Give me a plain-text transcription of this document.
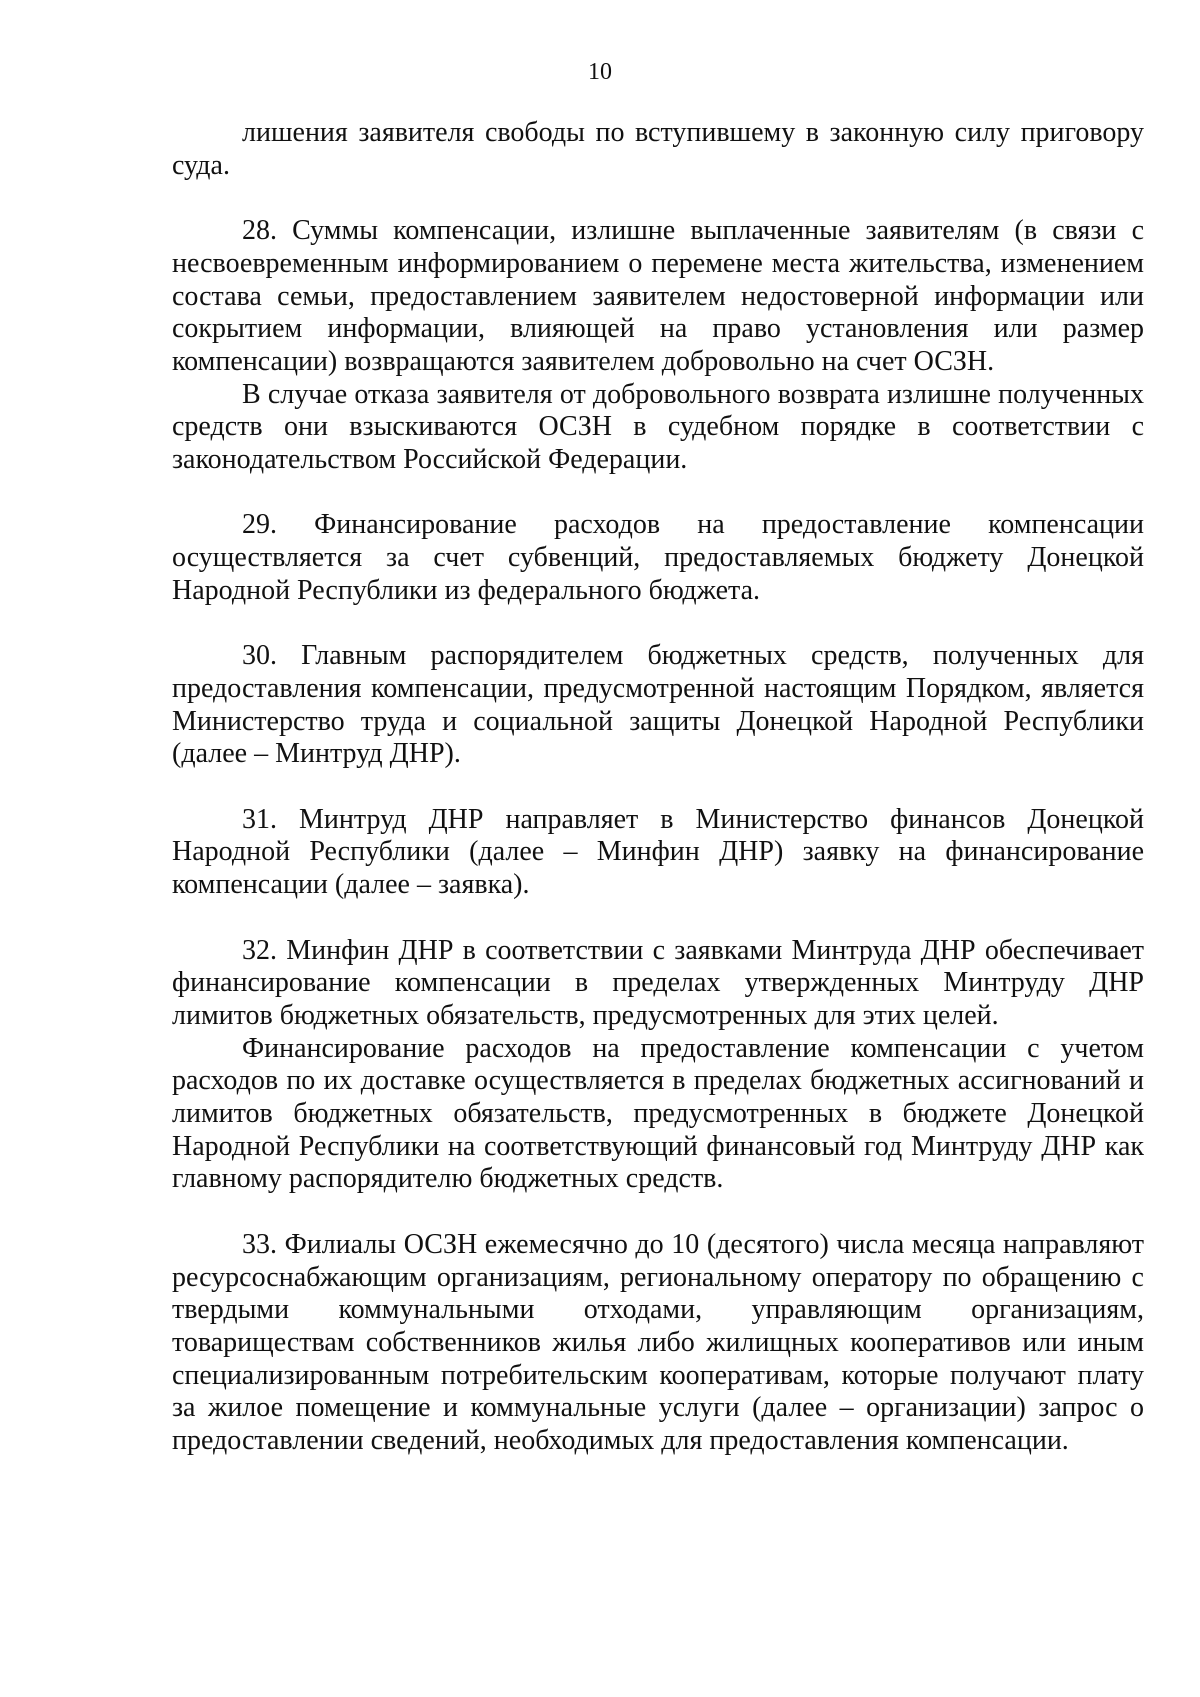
10

лишения заявителя свободы по вступившему в законную силу приговору суда.

28. Суммы компенсации, излишне выплаченные заявителям (в связи с несвоевременным информированием о перемене места жительства, изменением состава семьи, предоставлением заявителем недостоверной информации или сокрытием информации, влияющей на право установления или размер компенсации) возвращаются заявителем добровольно на счет ОСЗН.

В случае отказа заявителя от добровольного возврата излишне полученных средств они взыскиваются ОСЗН в судебном порядке в соответствии с законодательством Российской Федерации.

29. Финансирование расходов на предоставление компенсации осуществляется за счет субвенций, предоставляемых бюджету Донецкой Народной Республики из федерального бюджета.

30. Главным распорядителем бюджетных средств, полученных для предоставления компенсации, предусмотренной настоящим Порядком, является Министерство труда и социальной защиты Донецкой Народной Республики (далее – Минтруд ДНР).

31. Минтруд ДНР направляет в Министерство финансов Донецкой Народной Республики (далее – Минфин ДНР) заявку на финансирование компенсации (далее – заявка).

32. Минфин ДНР в соответствии с заявками Минтруда ДНР обеспечивает финансирование компенсации в пределах утвержденных Минтруду ДНР лимитов бюджетных обязательств, предусмотренных для этих целей.

Финансирование расходов на предоставление компенсации с учетом расходов по их доставке осуществляется в пределах бюджетных ассигнований и лимитов бюджетных обязательств, предусмотренных в бюджете Донецкой Народной Республики на соответствующий финансовый год Минтруду ДНР как главному распорядителю бюджетных средств.

33. Филиалы ОСЗН ежемесячно до 10 (десятого) числа месяца направляют ресурсоснабжающим организациям, региональному оператору по обращению с твердыми коммунальными отходами, управляющим организациям, товариществам собственников жилья либо жилищных кооперативов или иным специализированным потребительским кооперативам, которые получают плату за жилое помещение и коммунальные услуги (далее – организации) запрос о предоставлении сведений, необходимых для предоставления компенсации.
